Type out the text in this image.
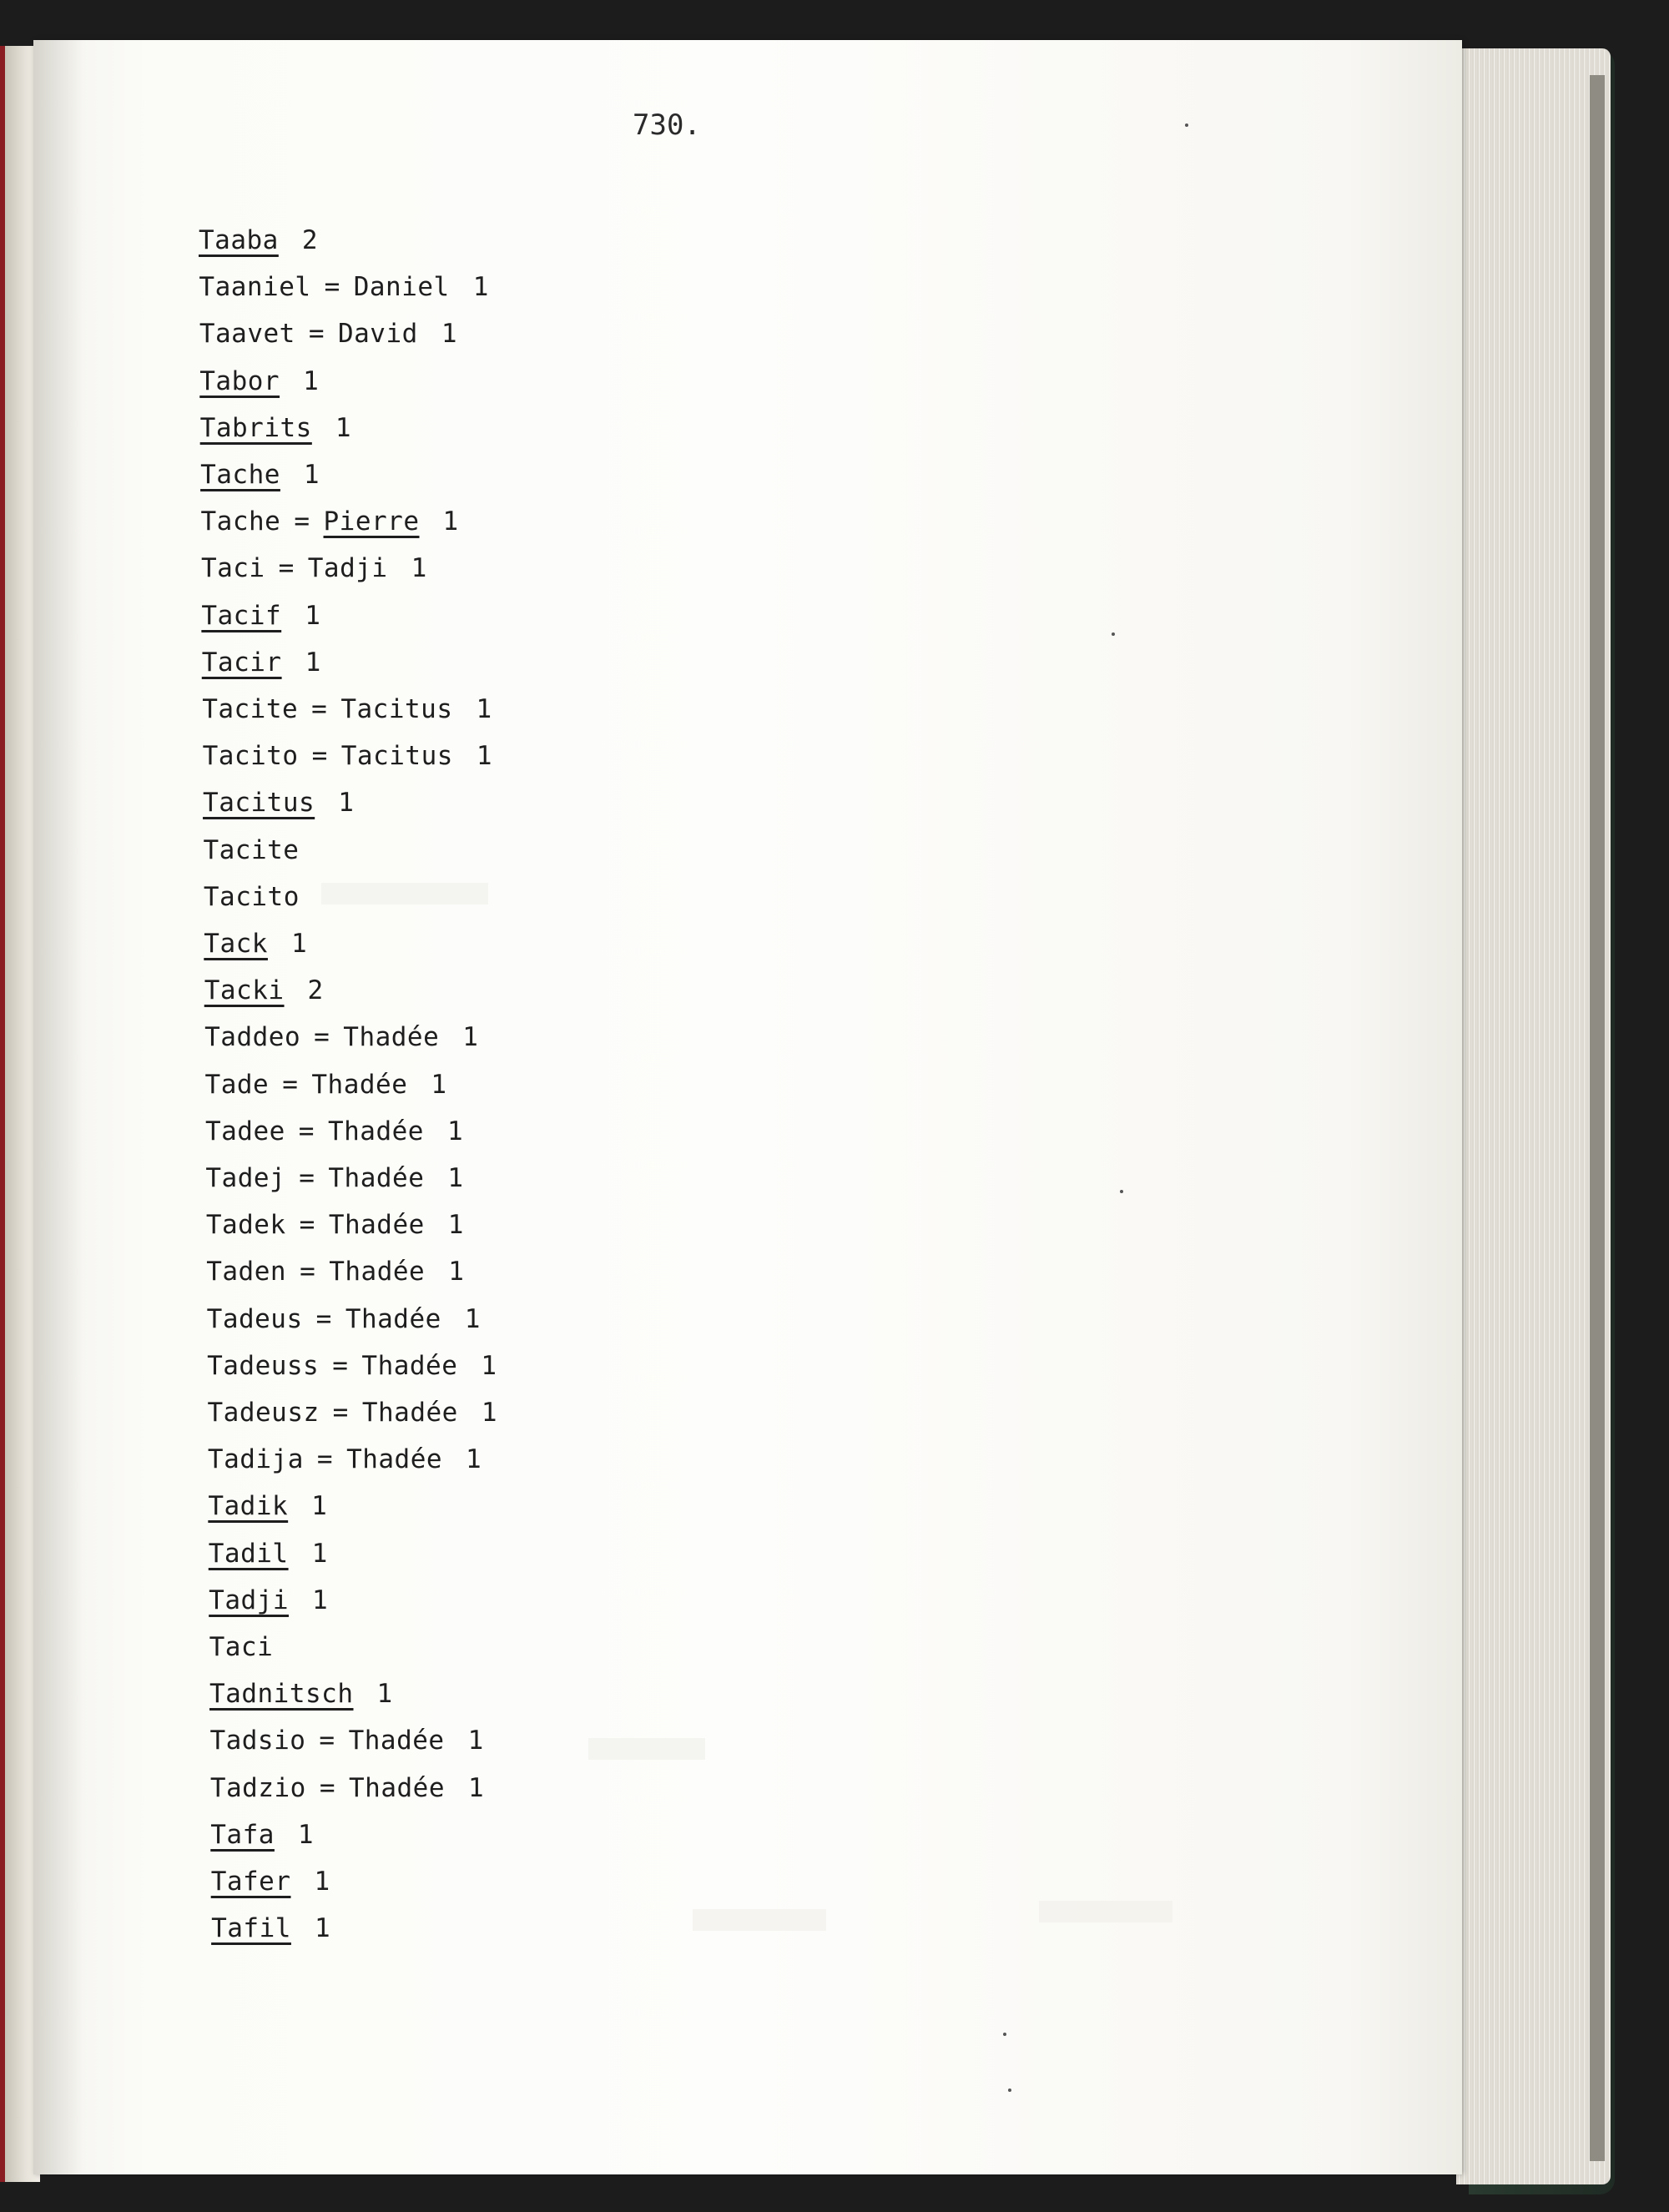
730.
Taaba 2
Taaniel = Daniel 1
Taavet = David 1
Tabor 1
Tabrits 1
Tache 1
Tache = Pierre 1
Taci = Tadji 1
Tacif 1
Tacir 1
Tacite = Tacitus 1
Tacito = Tacitus 1
Tacitus 1
Tacite
Tacito
Tack 1
Tacki 2
Taddeo = Thadée 1
Tade = Thadée 1
Tadee = Thadée 1
Tadej = Thadée 1
Tadek = Thadée 1
Taden = Thadée 1
Tadeus = Thadée 1
Tadeuss = Thadée 1
Tadeusz = Thadée 1
Tadija = Thadée 1
Tadik 1
Tadil 1
Tadji 1
Taci
Tadnitsch 1
Tadsio = Thadée 1
Tadzio = Thadée 1
Tafa 1
Tafer 1
Tafil 1
